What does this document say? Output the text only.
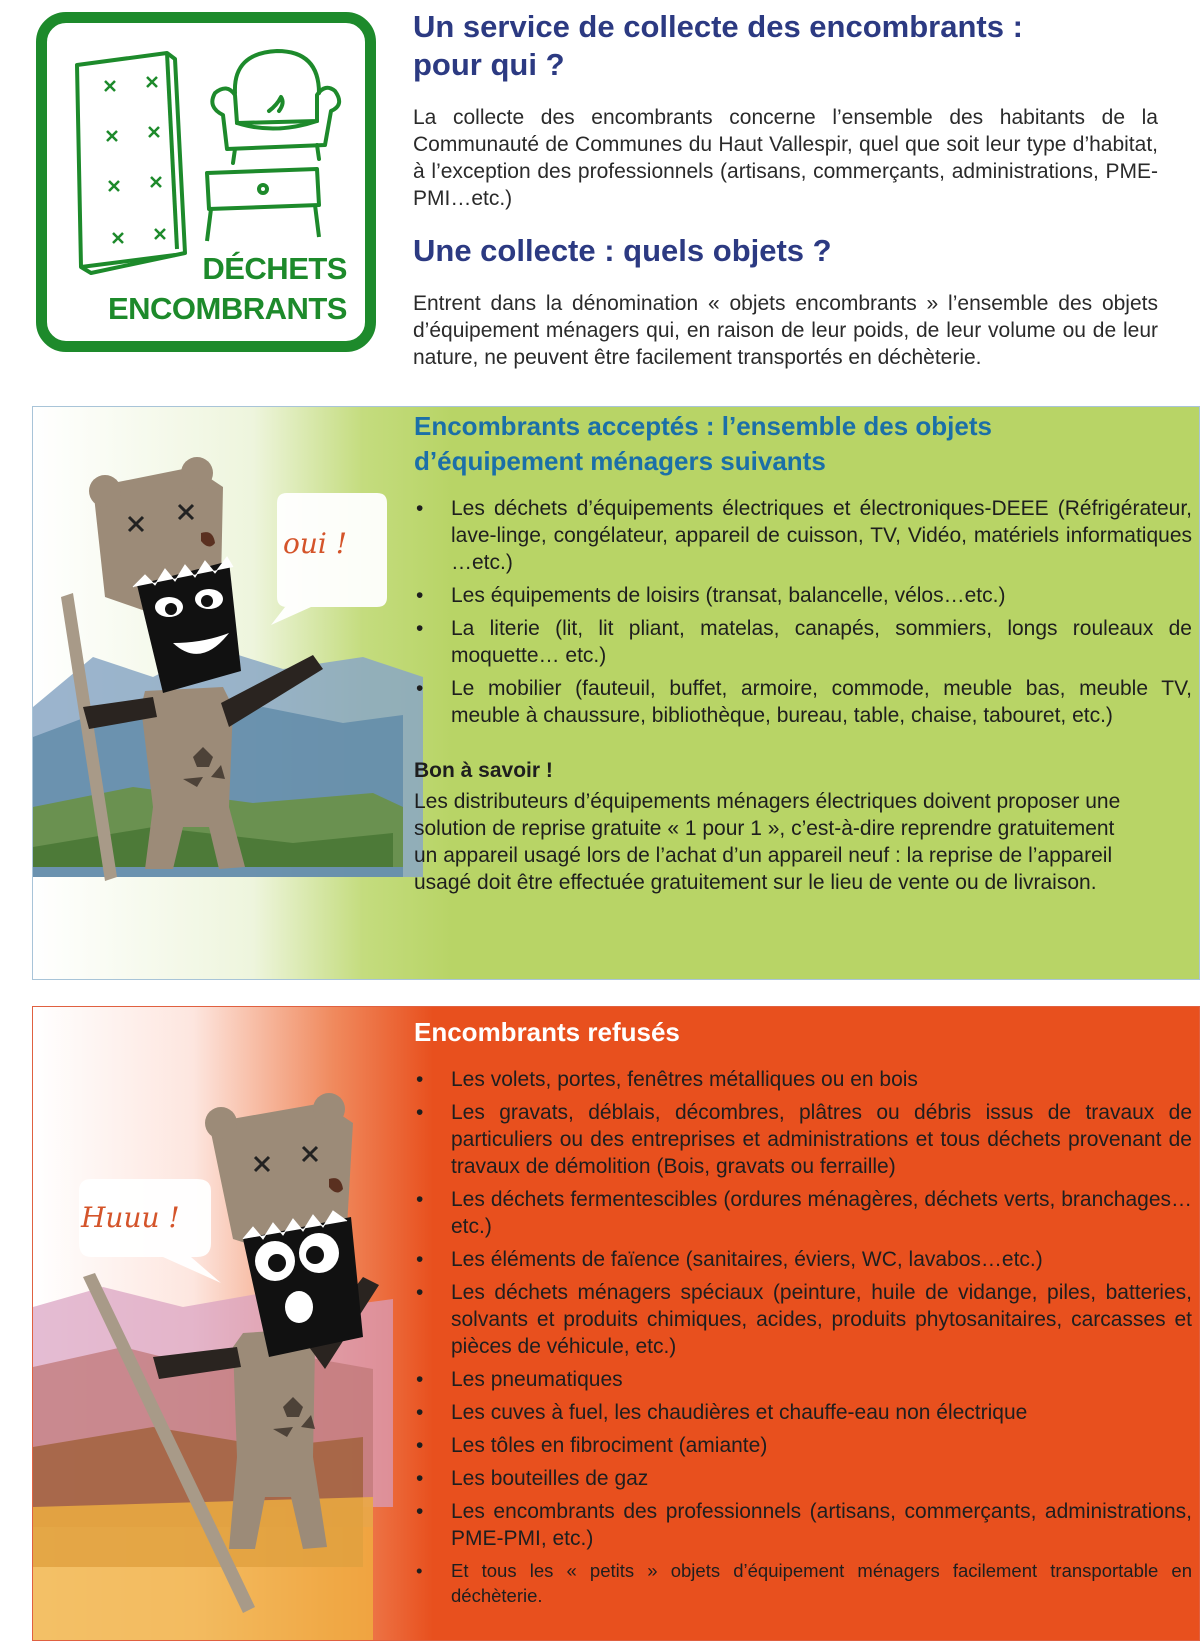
DÉCHETS
ENCOMBRANTS
Un service de collecte des encombrants : pour qui ?

La collecte des encombrants concerne l’ensemble des habitants de la Communauté de Communes du Haut Vallespir, quel que soit leur type d’habitat, à l’exception des professionnels (artisans, commerçants, administrations, PME-PMI…etc.)

Une collecte : quels objets ?

Entrent dans la dénomination « objets encombrants » l’ensemble des objets d’équipement ménagers qui, en raison de leur poids, de leur volume ou de leur nature, ne peuvent être facilement transportés en déchèterie.

oui !
Encombrants acceptés : l’ensemble des objets d’équipement ménagers suivants
• Les déchets d’équipements électriques et électroniques-DEEE (Réfrigérateur, lave-linge, congélateur, appareil de cuisson, TV, Vidéo, matériels informatiques …etc.)
• Les équipements de loisirs (transat, balancelle, vélos…etc.)
• La literie (lit, lit pliant, matelas, canapés, sommiers, longs rouleaux de moquette… etc.)
• Le mobilier (fauteuil, buffet, armoire, commode, meuble bas, meuble TV, meuble à chaussure, bibliothèque, bureau, table, chaise, tabouret, etc.)

Bon à savoir !

Les distributeurs d’équipements ménagers électriques doivent proposer une solution de reprise gratuite « 1 pour 1 », c’est-à-dire reprendre gratuitement un appareil usagé lors de l’achat d’un appareil neuf : la reprise de l’appareil usagé doit être effectuée gratuitement sur le lieu de vente ou de livraison.

Huuu !
Encombrants refusés
• Les volets, portes, fenêtres métalliques ou en bois
• Les gravats, déblais, décombres, plâtres ou débris issus de travaux de particuliers ou des entreprises et administrations et tous déchets provenant de travaux de démolition (Bois, gravats ou ferraille)
• Les déchets fermentescibles (ordures ménagères, déchets verts, branchages…etc.)
• Les éléments de faïence (sanitaires, éviers, WC, lavabos…etc.)
• Les déchets ménagers spéciaux (peinture, huile de vidange, piles, batteries, solvants et produits chimiques, acides, produits phytosanitaires, carcasses et pièces de véhicule, etc.)
• Les pneumatiques
• Les cuves à fuel, les chaudières et chauffe-eau non électrique
• Les tôles en fibrociment (amiante)
• Les bouteilles de gaz
• Les encombrants des professionnels (artisans, commerçants, administrations, PME-PMI, etc.)
• Et tous les « petits » objets d’équipement ménagers facilement transportable en déchèterie.
